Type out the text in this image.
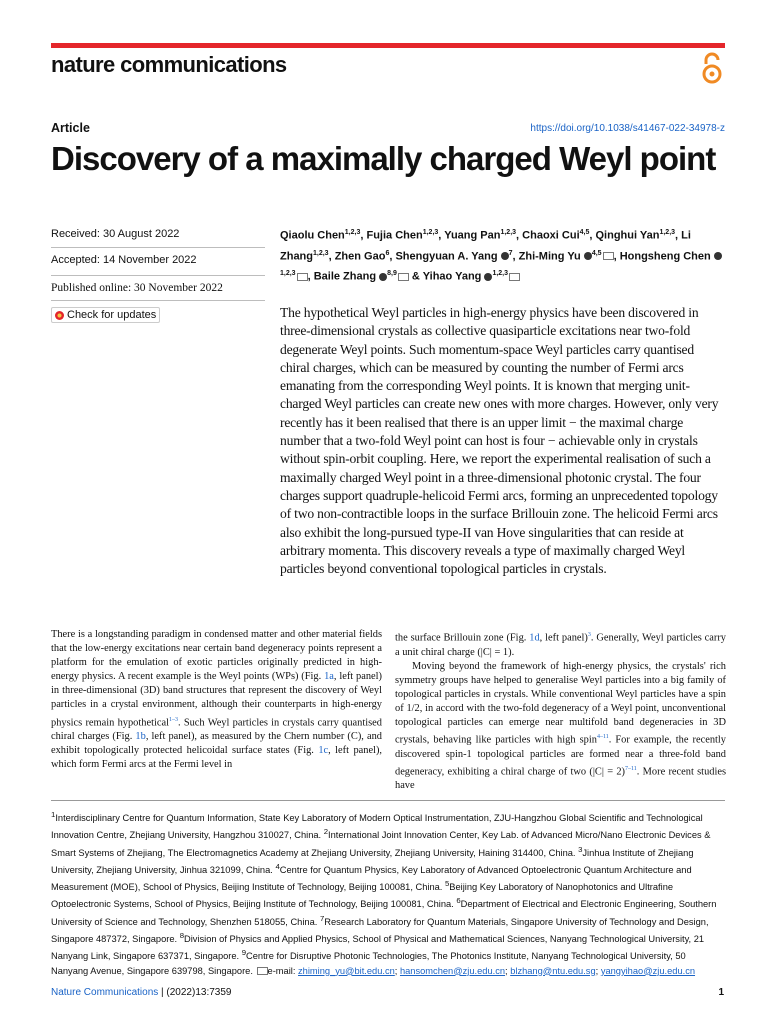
nature communications
Article	https://doi.org/10.1038/s41467-022-34978-z
Discovery of a maximally charged Weyl point
Received: 30 August 2022
Accepted: 14 November 2022
Published online: 30 November 2022
Check for updates
Qiaolu Chen$^{1,2,3}$, Fujia Chen$^{1,2,3}$, Yuang Pan$^{1,2,3}$, Chaoxi Cui$^{4,5}$, Qinghui Yan$^{1,2,3}$, Li Zhang$^{1,2,3}$, Zhen Gao$^6$, Shengyuan A. Yang $^7$, Zhi-Ming Yu $^{4,5}$ , Hongsheng Chen $^{1,2,3}$ , Baile Zhang $^{8,9}$ & Yihao Yang $^{1,2,3}$

The hypothetical Weyl particles in high-energy physics have been discovered in three-dimensional crystals as collective quasiparticle excitations near two-fold degenerate Weyl points. Such momentum-space Weyl particles carry quantised chiral charges, which can be measured by counting the number of Fermi arcs emanating from the corresponding Weyl points. It is known that merging unit-charged Weyl particles can create new ones with more charges. However, only very recently has it been realised that there is an upper limit − the maximal charge number that a two-fold Weyl point can host is four − achievable only in crystals without spin-orbit coupling. Here, we report the experimental realisation of such a maximally charged Weyl point in a three-dimensional photonic crystal. The four charges support quadruple-helicoid Fermi arcs, forming an unprecedented topology of two non-contractible loops in the surface Brillouin zone. The helicoid Fermi arcs also exhibit the long-pursued type-II van Hove singularities that can reside at arbitrary momenta. This discovery reveals a type of maximally charged Weyl particles beyond conventional topological particles in crystals.

There is a longstanding paradigm in condensed matter and other material fields that the low-energy excitations near certain band degeneracy points represent a platform for the emulation of exotic particles originally predicted in high-energy physics. A recent example is the Weyl points (WPs) (Fig. 1a, left panel) in three-dimensional (3D) band structures that represent the discovery of Weyl particles in a crystal environment, although their counterparts in high-energy physics remain hypothetical$^{1-3}$. Such Weyl particles in crystals carry quantised chiral charges (Fig. 1b, left panel), as measured by the Chern number (C), and exhibit topologically protected helicoidal surface states (Fig. 1c, left panel), which form Fermi arcs at the Fermi level in

the surface Brillouin zone (Fig. 1d, left panel)$^3$. Generally, Weyl particles carry a unit chiral charge (|C| = 1).
Moving beyond the framework of high-energy physics, the crystals' rich symmetry groups have helped to generalise Weyl particles into a big family of topological particles in crystals. While conventional Weyl particles have a spin of 1/2, in accord with the two-fold degeneracy of a Weyl point, unconventional topological particles can emerge near multifold band degeneracies in 3D crystals, behaving like particles with high spin$^{4-11}$. For example, the recently discovered spin-1 topological particles are formed near a three-fold band degeneracy, exhibiting a chiral charge of two (|C| = 2)$^{7-11}$. More recent studies have

$^1$Interdisciplinary Centre for Quantum Information, State Key Laboratory of Modern Optical Instrumentation, ZJU-Hangzhou Global Scientific and Technological Innovation Centre, Zhejiang University, Hangzhou 310027, China. $^2$International Joint Innovation Center, Key Lab. of Advanced Micro/Nano Electronic Devices & Smart Systems of Zhejiang, The Electromagnetics Academy at Zhejiang University, Zhejiang University, Haining 314400, China. $^3$Jinhua Institute of Zhejiang University, Zhejiang University, Jinhua 321099, China. $^4$Centre for Quantum Physics, Key Laboratory of Advanced Optoelectronic Quantum Architecture and Measurement (MOE), School of Physics, Beijing Institute of Technology, Beijing 100081, China. $^5$Beijing Key Laboratory of Nanophotonics and Ultrafine Optoelectronic Systems, School of Physics, Beijing Institute of Technology, Beijing 100081, China. $^6$Department of Electrical and Electronic Engineering, Southern University of Science and Technology, Shenzhen 518055, China. $^7$Research Laboratory for Quantum Materials, Singapore University of Technology and Design, Singapore 487372, Singapore. $^8$Division of Physics and Applied Physics, School of Physical and Mathematical Sciences, Nanyang Technological University, 21 Nanyang Link, Singapore 637371, Singapore. $^9$Centre for Disruptive Photonic Technologies, The Photonics Institute, Nanyang Technological University, 50 Nanyang Avenue, Singapore 639798, Singapore. e-mail: zhiming_yu@bit.edu.cn; hansomchen@zju.edu.cn; blzhang@ntu.edu.sg; yangyihao@zju.edu.cn

Nature Communications | (2022)13:7359	1
